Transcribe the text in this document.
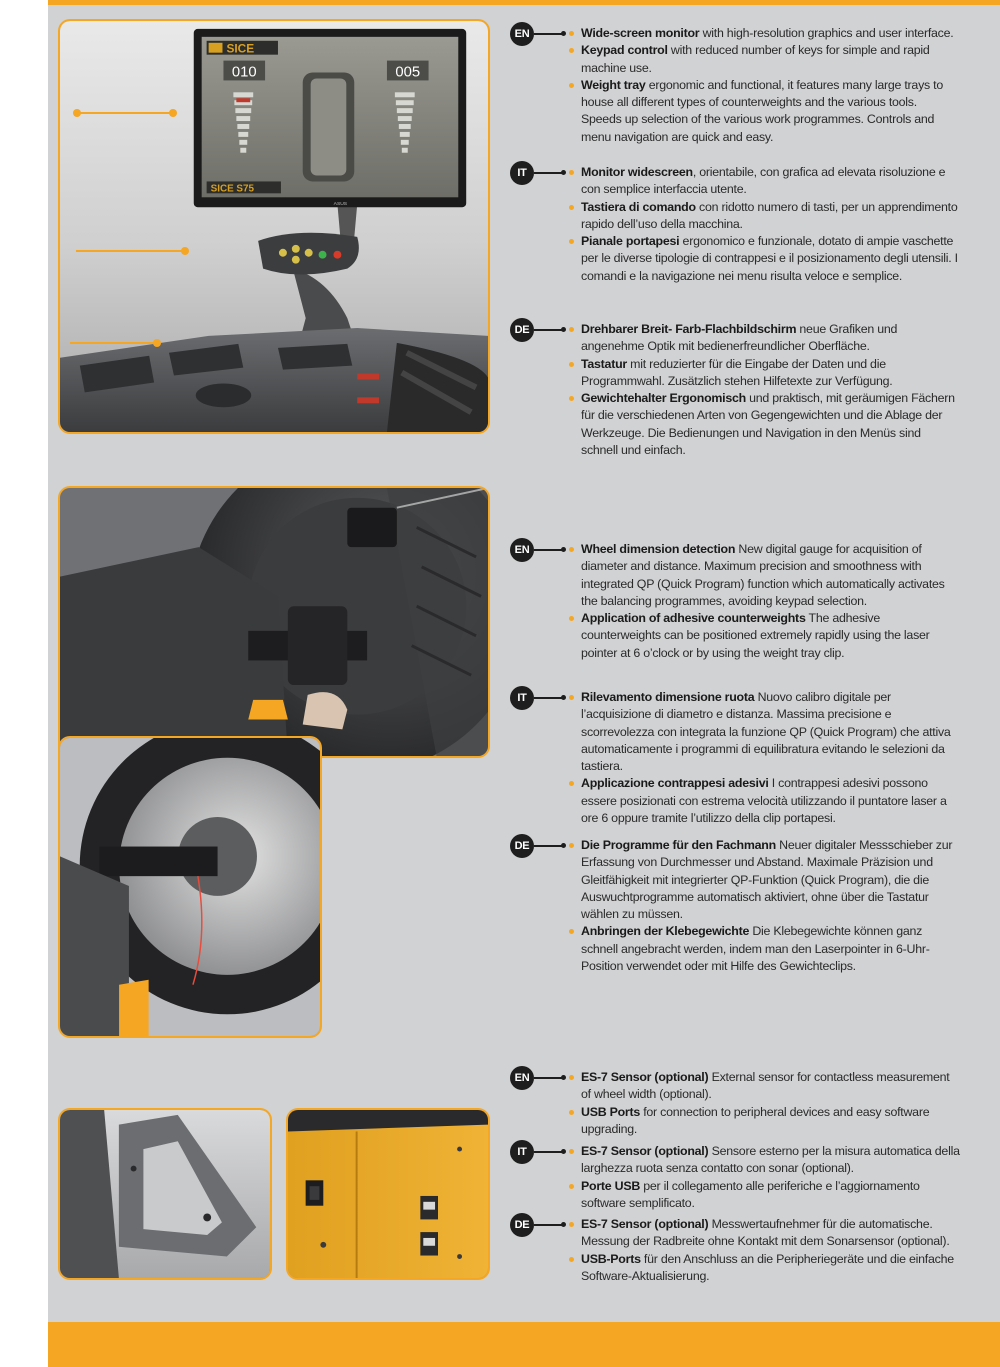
SICE
010	005
SICE S75
ASUS
EN	Wide-screen monitor with high-resolution graphics and user interface.
Keypad control with reduced number of keys for simple and rapid machine use.
Weight tray ergonomic and functional, it features many large trays to house all different types of counterweights and the various tools. Speeds up selection of the various work programmes. Controls and menu navigation are quick and easy.
IT	Monitor widescreen, orientabile, con grafica ad elevata risoluzione e con semplice interfaccia utente.
Tastiera di comando con ridotto numero di tasti, per un apprendimento rapido dell’uso della macchina.
Pianale portapesi ergonomico e funzionale, dotato di ampie vaschette per le diverse tipologie di contrappesi e il posizionamento degli utensili. I comandi e la navigazione nei menu risulta veloce e semplice.
DE	Drehbarer Breit- Farb-Flachbildschirm neue Grafiken und angenehme Optik mit bedienerfreundlicher Oberfläche.
Tastatur mit reduzierter für die Eingabe der Daten und die Programmwahl. Zusätzlich stehen Hilfetexte zur Verfügung.
Gewichtehalter Ergonomisch und praktisch, mit geräumigen Fächern für die verschiedenen Arten von Gegengewichten und die Ablage der Werkzeuge. Die Bedienungen und Navigation in den Menüs sind schnell und einfach.
EN	Wheel dimension detection New digital gauge for acquisition of diameter and distance. Maximum precision and smoothness with integrated QP (Quick Program) function which automatically activates the balancing programmes, avoiding keypad selection.
Application of adhesive counterweights The adhesive counterweights can be positioned extremely rapidly using the laser pointer at 6 o’clock or by using the weight tray clip.
IT	Rilevamento dimensione ruota Nuovo calibro digitale per l’acquisizione di diametro e distanza. Massima precisione e scorrevolezza con integrata la funzione QP (Quick Program) che attiva automaticamente i programmi di equilibratura evitando le selezioni da tastiera.
Applicazione contrappesi adesivi I contrappesi adesivi possono essere posizionati con estrema velocità utilizzando il puntatore laser a ore 6 oppure tramite l’utilizzo della clip portapesi.
DE	Die Programme für den Fachmann Neuer digitaler Messschieber zur Erfassung von Durchmesser und Abstand. Maximale Präzision und Gleitfähigkeit mit integrierter QP-Funktion (Quick Program), die die Auswuchtprogramme automatisch aktiviert, ohne über die Tastatur wählen zu müssen.
Anbringen der Klebegewichte Die Klebegewichte können ganz schnell angebracht werden, indem man den Laserpointer in 6-Uhr-Position verwendet oder mit Hilfe des Gewichteclips.
EN	ES-7 Sensor (optional) External sensor for contactless measurement of wheel width (optional).
USB Ports for connection to peripheral devices and easy software upgrading.
IT	ES-7 Sensor (optional) Sensore esterno per la misura automatica della larghezza ruota senza contatto con sonar (optional).
Porte USB per il collegamento alle periferiche e l’aggiornamento software semplificato.
DE	ES-7 Sensor (optional) Messwertaufnehmer für die automatische. Messung der Radbreite ohne Kontakt mit dem Sonarsensor (optional).
USB-Ports für den Anschluss an die Peripheriegeräte und die einfache Software-Aktualisierung.
